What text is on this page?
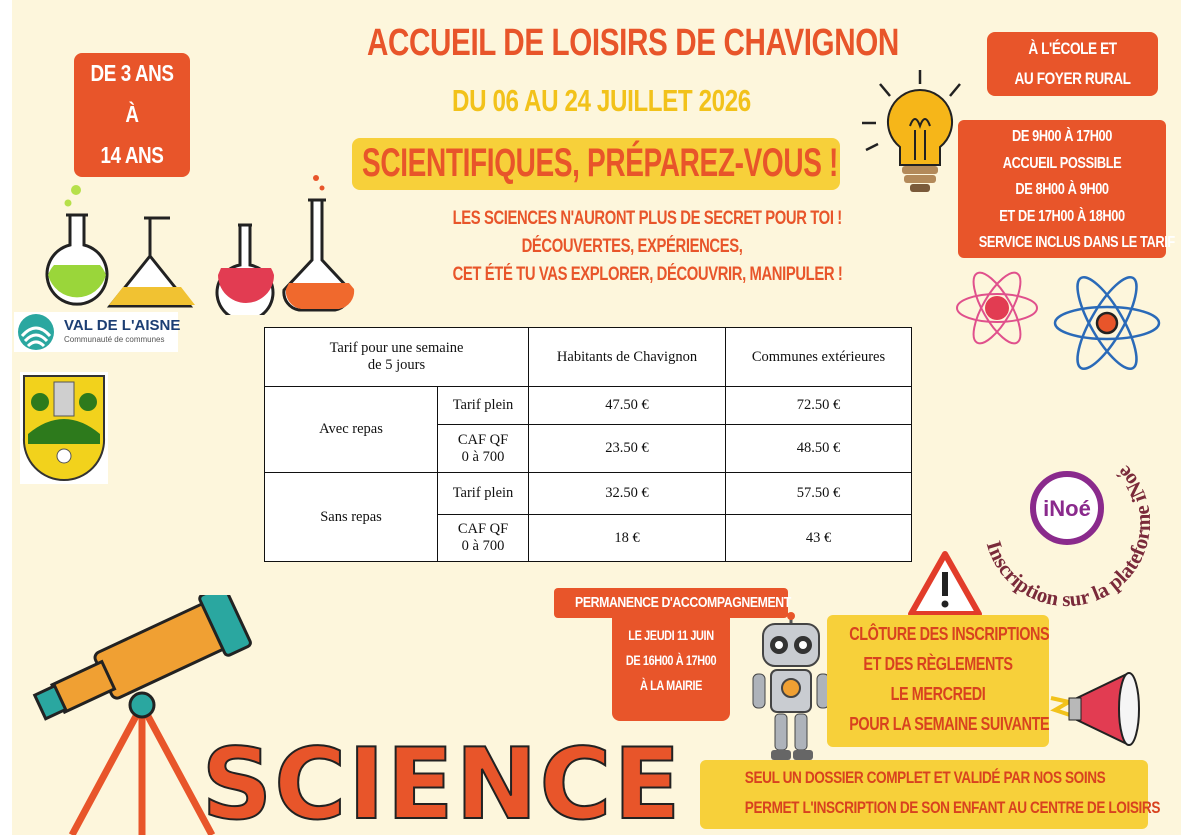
ACCUEIL DE LOISIRS DE CHAVIGNON
DU 06 AU 24 JUILLET 2026
SCIENTIFIQUES, PRÉPAREZ-VOUS !
LES SCIENCES N'AURONT PLUS DE SECRET POUR TOI !
DÉCOUVERTES, EXPÉRIENCES,
CET ÉTÉ TU VAS EXPLORER, DÉCOUVRIR, MANIPULER !
DE 3 ANS
À
14 ANS
VAL DE L'AISNE
Communauté de communes
À L'ÉCOLE ET
AU FOYER RURAL
DE 9H00 À 17H00
ACCUEIL POSSIBLE
DE 8H00 À 9H00
ET DE 17H00 À 18H00
SERVICE INCLUS DANS LE TARIF
Tarif pour une semaine
de 5 jours		Habitants de Chavignon	Communes extérieures
Avec repas	Tarif plein	47.50 €	72.50 €

	CAF QF
0 à 700	23.50 €	48.50 €
Sans repas	Tarif plein	32.50 €	57.50 €

	CAF QF
0 à 700	18 €	43 €
iNoé
Inscription sur la plateforme iNoé
SCIENCE
PERMANENCE D'ACCOMPAGNEMENT
LE JEUDI 11 JUIN
DE 16H00 À 17H00
À LA MAIRIE
CLÔTURE DES INSCRIPTIONS
ET DES RÈGLEMENTS
LE MERCREDI
POUR LA SEMAINE SUIVANTE
SEUL UN DOSSIER COMPLET ET VALIDÉ PAR NOS SOINS
PERMET L'INSCRIPTION DE SON ENFANT AU CENTRE DE LOISIRS
